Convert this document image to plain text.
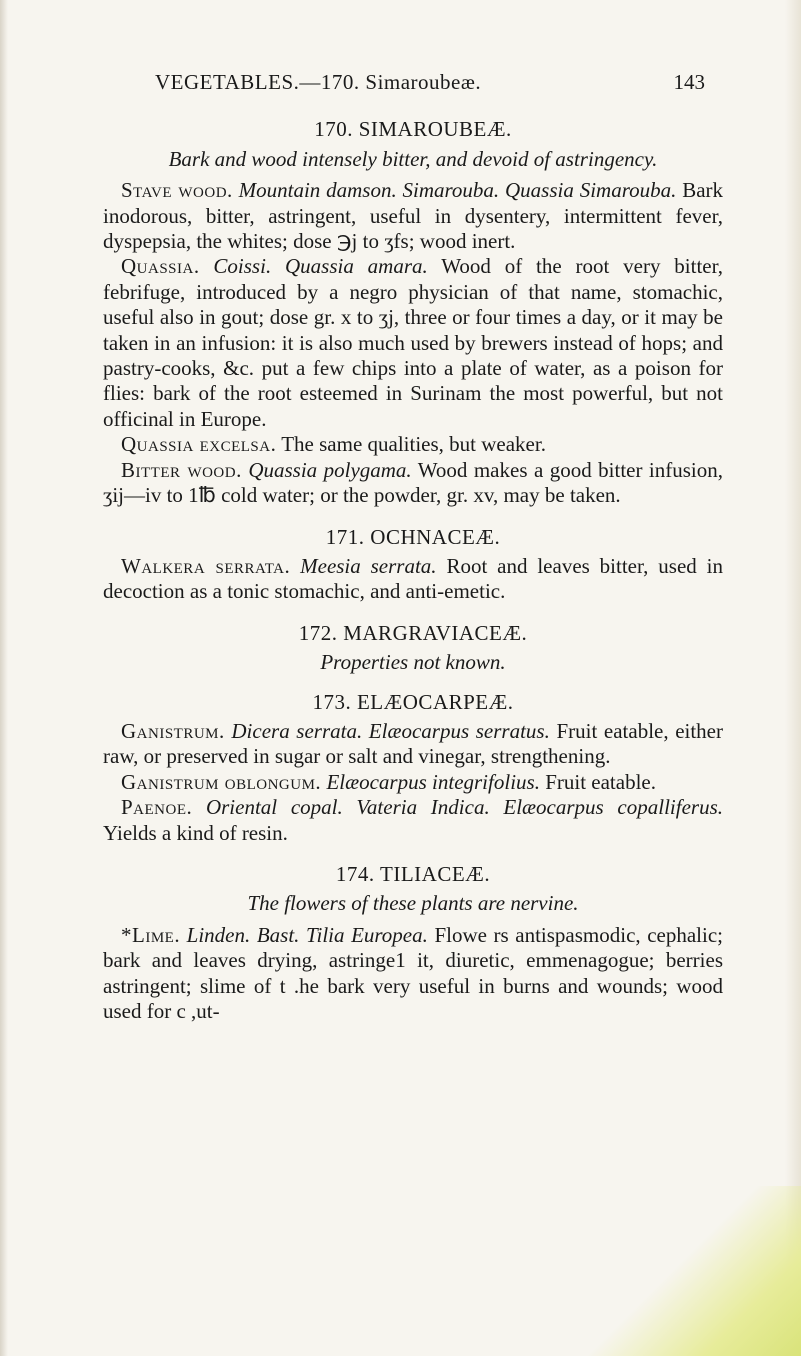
VEGETABLES.—170. Simaroubeæ.	143
170. SIMAROUBEÆ.
Bark and wood intensely bitter, and devoid of astringency.

Stave wood. Mountain damson. Simarouba. Quassia Simarouba. Bark inodorous, bitter, astringent, useful in dysentery, intermittent fever, dyspepsia, the whites; dose ℈j to ʒfs; wood inert.

Quassia. Coissi. Quassia amara. Wood of the root very bitter, febrifuge, introduced by a negro physician of that name, stomachic, useful also in gout; dose gr. x to ʒj, three or four times a day, or it may be taken in an infusion: it is also much used by brewers instead of hops; and pastry-cooks, &c. put a few chips into a plate of water, as a poison for flies: bark of the root esteemed in Surinam the most powerful, but not officinal in Europe.

Quassia excelsa. The same qualities, but weaker.

Bitter wood. Quassia polygama. Wood makes a good bitter infusion, ʒij—iv to 1℔ cold water; or the powder, gr. xv, may be taken.

171. OCHNACEÆ.

Walkera serrata. Meesia serrata. Root and leaves bitter, used in decoction as a tonic stomachic, and anti-emetic.

172. MARGRAVIACEÆ.
Properties not known.
173. ELÆOCARPEÆ.

Ganistrum. Dicera serrata. Elæocarpus serratus. Fruit eatable, either raw, or preserved in sugar or salt and vinegar, strengthening.

Ganistrum oblongum. Elæocarpus integrifolius. Fruit eatable.

Paenoe. Oriental copal. Vateria Indica. Elæocarpus copalliferus. Yields a kind of resin.

174. TILIACEÆ.
The flowers of these plants are nervine.

*Lime. Linden. Bast. Tilia Europea. Flowe rs antispasmodic, cephalic; bark and leaves drying, astringe1 it, diuretic, emmenagogue; berries astringent; slime of t .he bark very useful in burns and wounds; wood used for c ,ut-
